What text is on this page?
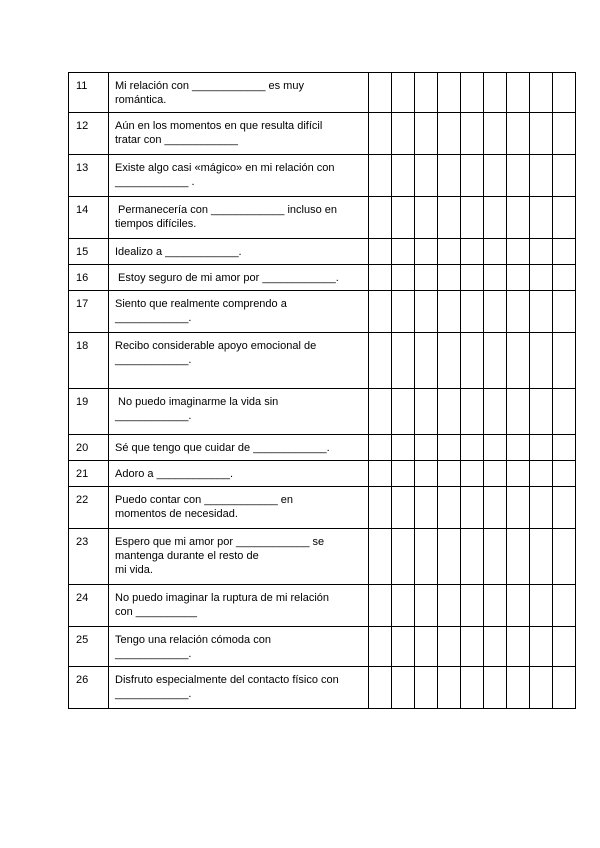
11	Mi relación con ____________ es muy
romántica.									

12	Aún en los momentos en que resulta difícil
tratar con ____________									

13	Existe algo casi «mágico» en mi relación con
____________ .									

14	Permanecería con ____________ incluso en
tiempos difíciles.									

15	Idealizo a ____________.									

16	Estoy seguro de mi amor por ____________.									

17	Siento que realmente comprendo a
____________.									

18	Recibo considerable apoyo emocional de
____________.									

19	No puedo imaginarme la vida sin
____________.									

20	Sé que tengo que cuidar de ____________.									

21	Adoro a ____________.									

22	Puedo contar con ____________ en
momentos de necesidad.									

23	Espero que mi amor por ____________ se
mantenga durante el resto de
mi vida.									

24	No puedo imaginar la ruptura de mi relación
con __________									

25	Tengo una relación cómoda con
____________.									

26	Disfruto especialmente del contacto físico con
____________.									
